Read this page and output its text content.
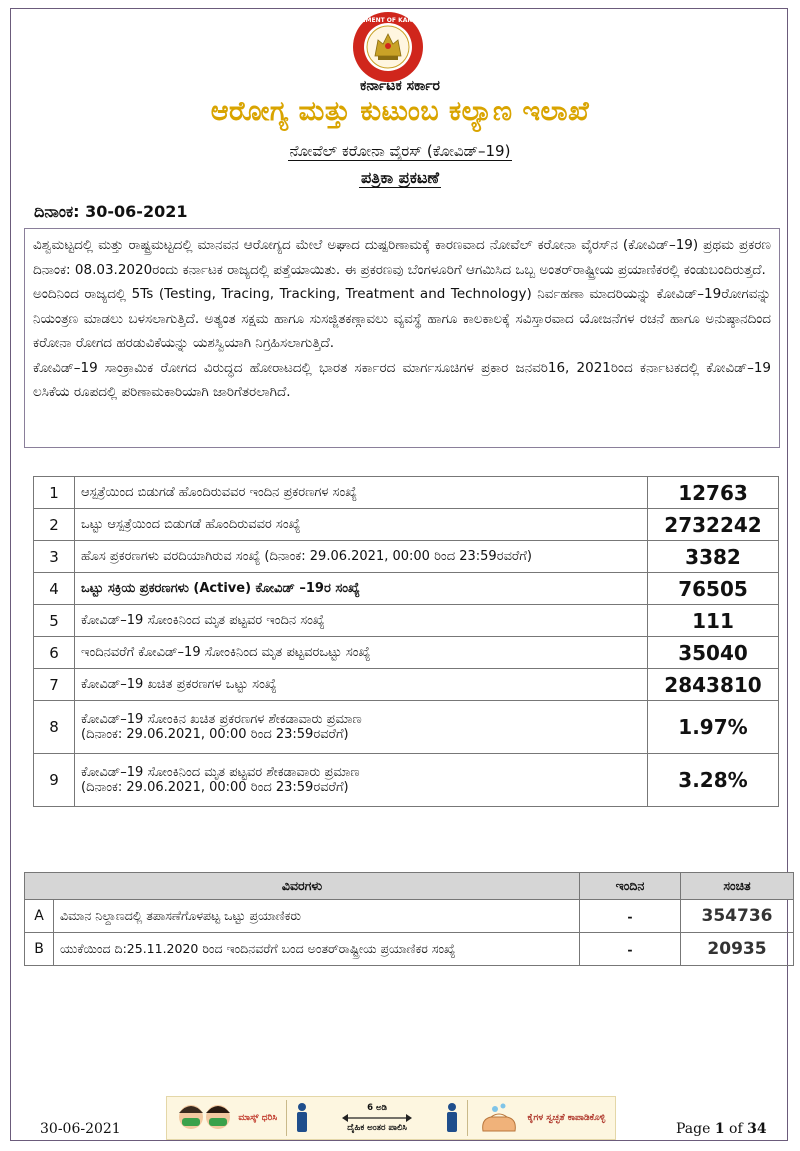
GOVERNMENT OF KARNATAKA
ಕರ್ನಾಟಕ ಸರ್ಕಾರ
ಆರೋಗ್ಯ ಮತ್ತು ಕುಟುಂಬ ಕಲ್ಯಾಣ ಇಲಾಖೆ
ನೋವೆಲ್ ಕರೋನಾ ವೈರಸ್ (ಕೋವಿಡ್–19)
ಪತ್ರಿಕಾ ಪ್ರಕಟಣೆ
ದಿನಾಂಕ: 30-06-2021

ವಿಶ್ವಮಟ್ಟದಲ್ಲಿ ಮತ್ತು ರಾಷ್ಟ್ರಮಟ್ಟದಲ್ಲಿ ಮಾನವನ ಆರೋಗ್ಯದ ಮೇಲೆ ಅಘಾದ ದುಷ್ಪರಿಣಾಮಕ್ಕೆ ಕಾರಣವಾದ ನೋವೆಲ್ ಕರೋನಾ ವೈರಸ್‌ನ (ಕೋವಿಡ್–19) ಪ್ರಥಮ ಪ್ರಕರಣ ದಿನಾಂಕ: 08.03.2020ರಂದು ಕರ್ನಾಟಕ ರಾಜ್ಯದಲ್ಲಿ ಪತ್ತೆಯಾಯಿತು. ಈ ಪ್ರಕರಣವು ಬೆಂಗಳೂರಿಗೆ ಆಗಮಿಸಿದ ಒಬ್ಬ ಅಂತರ್‌ರಾಷ್ಟ್ರೀಯ ಪ್ರಯಾಣಿಕರಲ್ಲಿ ಕಂಡುಬಂದಿರುತ್ತದೆ.

ಅಂದಿನಿಂದ ರಾಜ್ಯದಲ್ಲಿ 5Ts (Testing, Tracing, Tracking, Treatment and Technology) ನಿರ್ವಹಣಾ ಮಾದರಿಯನ್ನು ಕೋವಿಡ್–19ರೋಗವನ್ನು ನಿಯಂತ್ರಣ ಮಾಡಲು ಬಳಸಲಾಗುತ್ತಿದೆ. ಅತ್ಯಂತ ಸಕ್ಷಮ ಹಾಗೂ ಸುಸಜ್ಜಿತಕಣ್ಗಾವಲು ವ್ಯವಸ್ಥೆ ಹಾಗೂ ಕಾಲಕಾಲಕ್ಕೆ ಸವಿಸ್ತಾರವಾದ ಯೋಜನೆಗಳ ರಚನೆ ಹಾಗೂ ಅನುಷ್ಠಾನದಿಂದ ಕರೋನಾ ರೋಗದ ಹರಡುವಿಕೆಯನ್ನು ಯಶಸ್ವಿಯಾಗಿ ನಿಗ್ರಹಿಸಲಾಗುತ್ತಿದೆ.

ಕೋವಿಡ್–19 ಸಾಂಕ್ರಾಮಿಕ ರೋಗದ ವಿರುದ್ಧದ ಹೋರಾಟದಲ್ಲಿ ಭಾರತ ಸರ್ಕಾರದ ಮಾರ್ಗಸೂಚಿಗಳ ಪ್ರಕಾರ ಜನವರಿ16, 2021ರಿಂದ ಕರ್ನಾಟಕದಲ್ಲಿ ಕೋವಿಡ್–19 ಲಸಿಕೆಯ ರೂಪದಲ್ಲಿ ಪರಿಣಾಮಕಾರಿಯಾಗಿ ಜಾರಿಗೆತರಲಾಗಿದೆ.

1	ಆಸ್ಪತ್ರೆಯಿಂದ ಬಿಡುಗಡೆ ಹೊಂದಿರುವವರ ಇಂದಿನ ಪ್ರಕರಣಗಳ ಸಂಖ್ಯೆ	12763
2	ಒಟ್ಟು ಆಸ್ಪತ್ರೆಯಿಂದ ಬಿಡುಗಡೆ ಹೊಂದಿರುವವರ ಸಂಖ್ಯೆ	2732242
3	ಹೊಸ ಪ್ರಕರಣಗಳು ವರದಿಯಾಗಿರುವ ಸಂಖ್ಯೆ (ದಿನಾಂಕ: 29.06.2021, 00:00 ರಿಂದ 23:59ರವರೆಗೆ)	3382
4	ಒಟ್ಟು ಸಕ್ರಿಯ ಪ್ರಕರಣಗಳು (Active) ಕೋವಿಡ್ –19ರ ಸಂಖ್ಯೆ	76505
5	ಕೋವಿಡ್–19 ಸೋಂಕಿನಿಂದ ಮೃತ ಪಟ್ಟವರ ಇಂದಿನ ಸಂಖ್ಯೆ	111
6	ಇಂದಿನವರೆಗೆ ಕೋವಿಡ್–19 ಸೋಂಕಿನಿಂದ ಮೃತ ಪಟ್ಟವರಒಟ್ಟು ಸಂಖ್ಯೆ	35040
7	ಕೋವಿಡ್–19 ಖಚಿತ ಪ್ರಕರಣಗಳ ಒಟ್ಟು ಸಂಖ್ಯೆ	2843810
8	ಕೋವಿಡ್–19 ಸೋಂಕಿನ ಖಚಿತ ಪ್ರಕರಣಗಳ ಶೇಕಡಾವಾರು ಪ್ರಮಾಣ
(ದಿನಾಂಕ: 29.06.2021, 00:00 ರಿಂದ 23:59ರವರೆಗೆ)	1.97%
9	ಕೋವಿಡ್–19 ಸೋಂಕಿನಿಂದ ಮೃತ ಪಟ್ಟವರ ಶೇಕಡಾವಾರು ಪ್ರಮಾಣ
(ದಿನಾಂಕ: 29.06.2021, 00:00 ರಿಂದ 23:59ರವರೆಗೆ)	3.28%
ವಿವರಗಳು		ಇಂದಿನ	ಸಂಚಿತ
A	ವಿಮಾನ ನಿಲ್ದಾಣದಲ್ಲಿ ತಪಾಸಣೆಗೊಳಪಟ್ಟ ಒಟ್ಟು ಪ್ರಯಾಣಿಕರು	-	354736
B	ಯುಕೆಯಿಂದ ದಿ:25.11.2020 ರಿಂದ ಇಂದಿನವರೆಗೆ ಬಂದ ಅಂತರ್‌ರಾಷ್ಟ್ರೀಯ ಪ್ರಯಾಣಿಕರ ಸಂಖ್ಯೆ	-	20935
ಮಾಸ್ಕ್ ಧರಿಸಿ
6 ಅಡಿ
ದೈಹಿಕ ಅಂತರ ಪಾಲಿಸಿ
ಕೈಗಳ ಸ್ವಚ್ಛತೆ ಕಾಪಾಡಿಕೊಳ್ಳಿ
30-06-2021	Page 1 of 34
